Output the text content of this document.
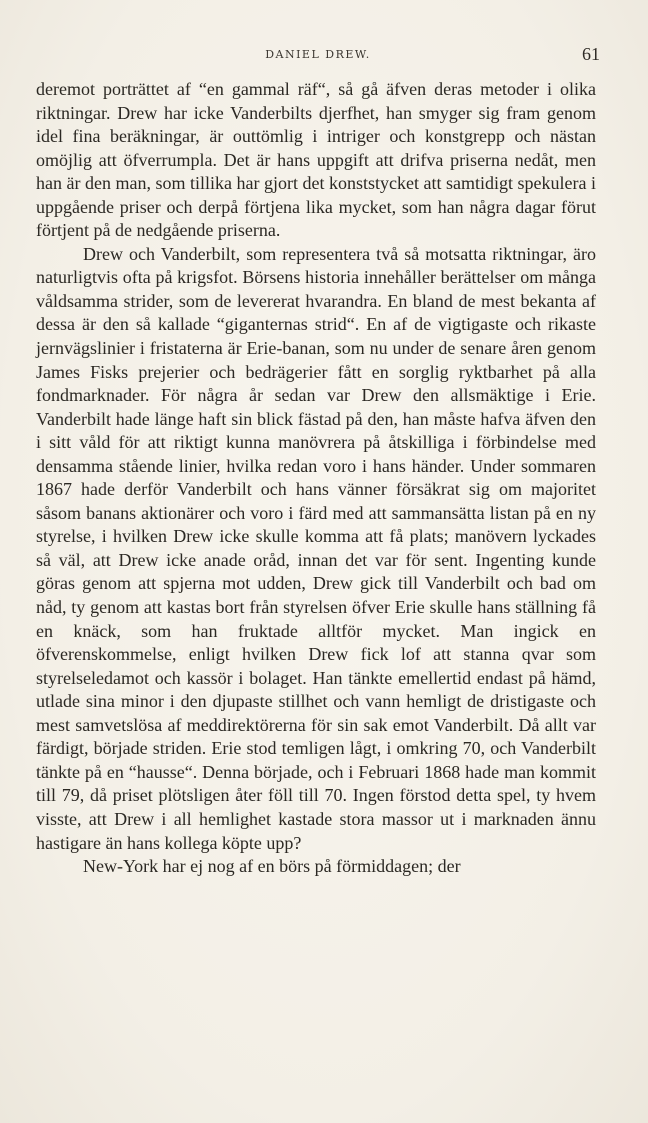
DANIEL DREW.	61

deremot porträttet af “en gammal räf“, så gå äfven deras metoder i olika riktningar. Drew har icke Vanderbilts djerfhet, han smyger sig fram genom idel fina beräkningar, är outtömlig i intriger och konstgrepp och nästan omöjlig att öfverrumpla. Det är hans uppgift att drifva priserna nedåt, men han är den man, som tillika har gjort det konststycket att samtidigt spekulera i uppgående priser och derpå förtjena lika mycket, som han några dagar förut förtjent på de nedgående priserna.

Drew och Vanderbilt, som representera två så motsatta riktningar, äro naturligtvis ofta på krigsfot. Börsens historia innehåller berättelser om många våldsamma strider, som de levererat hvarandra. En bland de mest bekanta af dessa är den så kallade “giganternas strid“. En af de vigtigaste och rikaste jernvägslinier i fristaterna är Erie-banan, som nu under de senare åren genom James Fisks prejerier och bedrägerier fått en sorglig ryktbarhet på alla fondmarknader. För några år sedan var Drew den allsmäktige i Erie. Vanderbilt hade länge haft sin blick fästad på den, han måste hafva äfven den i sitt våld för att riktigt kunna manövrera på åtskilliga i förbindelse med densamma stående linier, hvilka redan voro i hans händer. Under sommaren 1867 hade derför Vanderbilt och hans vänner försäkrat sig om majoritet såsom banans aktionärer och voro i färd med att sammansätta listan på en ny styrelse, i hvilken Drew icke skulle komma att få plats; manövern lyckades så väl, att Drew icke anade oråd, innan det var för sent. Ingenting kunde göras genom att spjerna mot udden, Drew gick till Vanderbilt och bad om nåd, ty genom att kastas bort från styrelsen öfver Erie skulle hans ställning få en knäck, som han fruktade alltför mycket. Man ingick en öfverenskommelse, enligt hvilken Drew fick lof att stanna qvar som styrelseledamot och kassör i bolaget. Han tänkte emellertid endast på hämd, utlade sina minor i den djupaste stillhet och vann hemligt de dristigaste och mest samvetslösa af meddirektörerna för sin sak emot Vanderbilt. Då allt var färdigt, började striden. Erie stod temligen lågt, i omkring 70, och Vanderbilt tänkte på en “hausse“. Denna började, och i Februari 1868 hade man kommit till 79, då priset plötsligen åter föll till 70. Ingen förstod detta spel, ty hvem visste, att Drew i all hemlighet kastade stora massor ut i marknaden ännu hastigare än hans kollega köpte upp?

New-York har ej nog af en börs på förmiddagen; der
